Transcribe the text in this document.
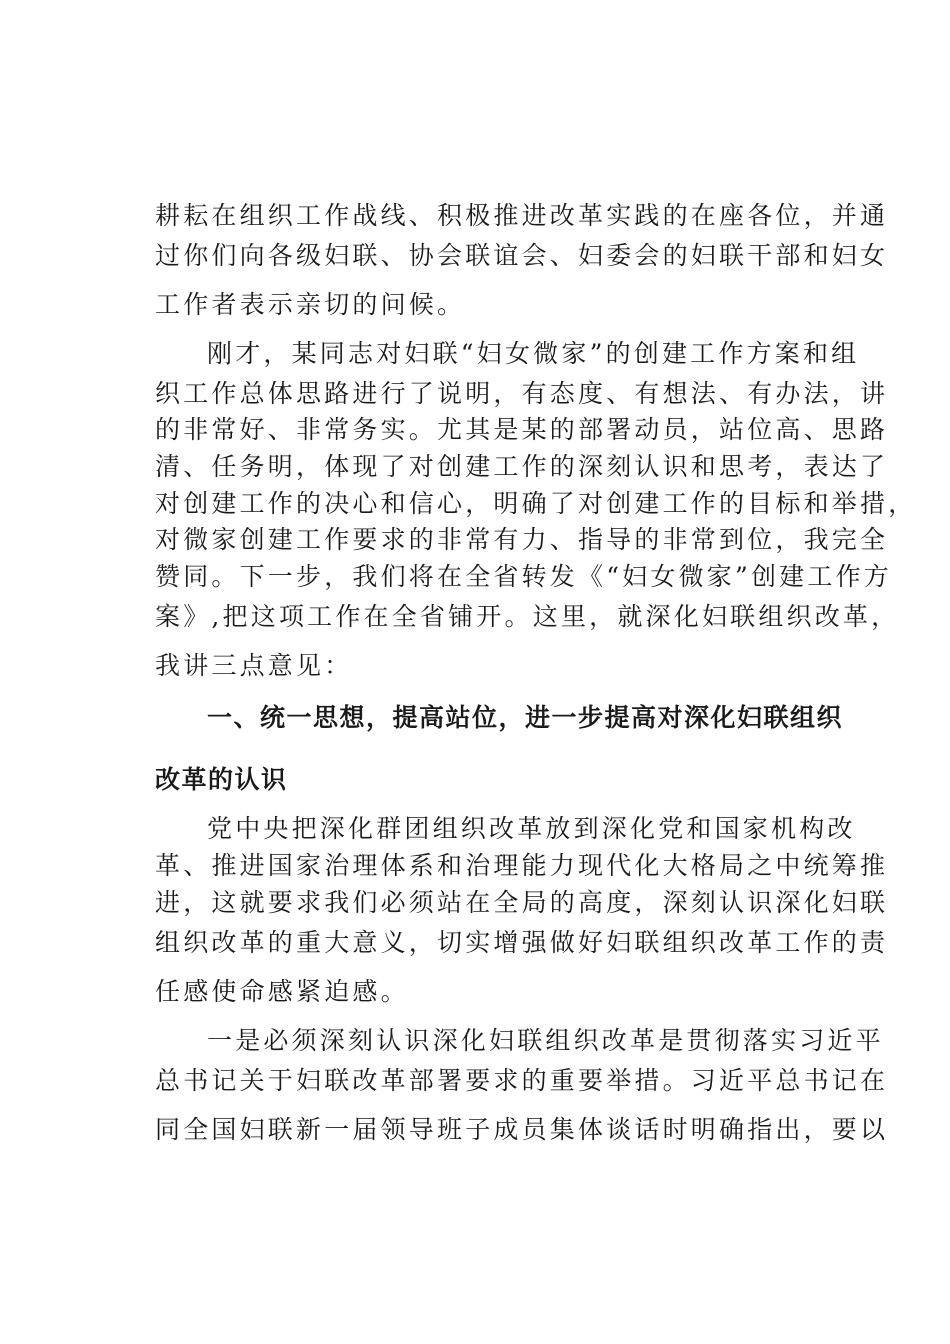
耕耘在组织工作战线、积极推进改革实践的在座各位，并通
过你们向各级妇联、协会联谊会、妇委会的妇联干部和妇女
工作者表示亲切的问候。
刚才，某同志对妇联“妇女微家”的创建工作方案和组
织工作总体思路进行了说明，有态度、有想法、有办法，讲
的非常好、非常务实。尤其是某的部署动员，站位高、思路
清、任务明，体现了对创建工作的深刻认识和思考，表达了
对创建工作的决心和信心，明确了对创建工作的目标和举措，
对微家创建工作要求的非常有力、指导的非常到位，我完全
赞同。下一步，我们将在全省转发《“妇女微家”创建工作方
案》,把这项工作在全省铺开。这里，就深化妇联组织改革，
我讲三点意见：
一、统一思想，提高站位，进一步提高对深化妇联组织
改革的认识
党中央把深化群团组织改革放到深化党和国家机构改
革、推进国家治理体系和治理能力现代化大格局之中统筹推
进，这就要求我们必须站在全局的高度，深刻认识深化妇联
组织改革的重大意义，切实增强做好妇联组织改革工作的责
任感使命感紧迫感。
一是必须深刻认识深化妇联组织改革是贯彻落实习近平
总书记关于妇联改革部署要求的重要举措。习近平总书记在
同全国妇联新一届领导班子成员集体谈话时明确指出，要以
